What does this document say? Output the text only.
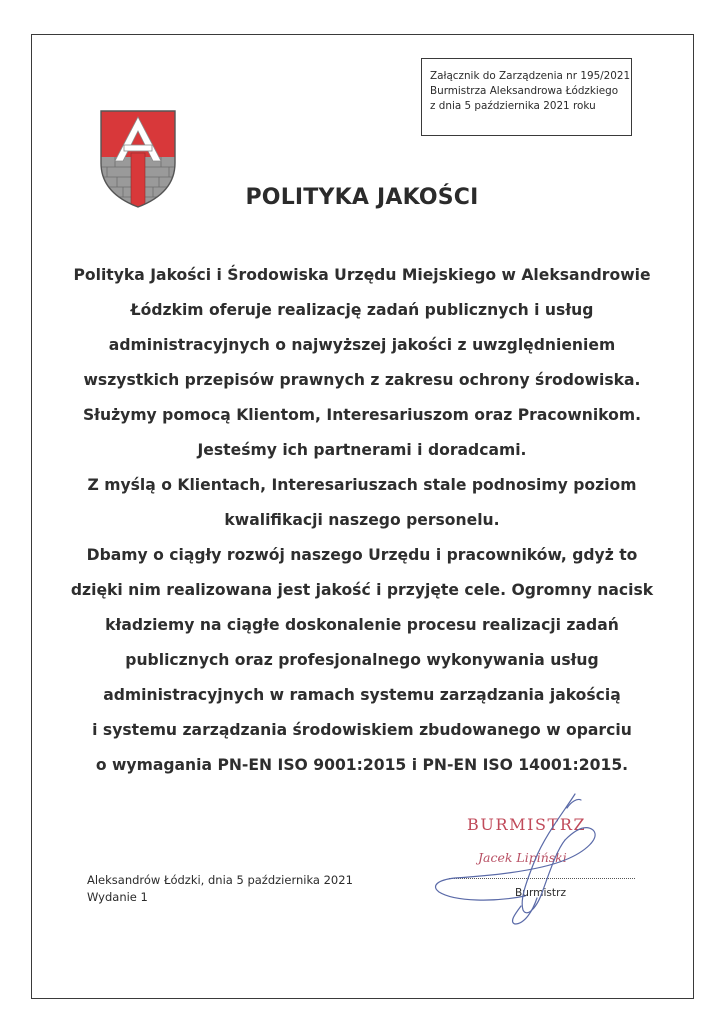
Załącznik do Zarządzenia nr 195/2021
Burmistrza Aleksandrowa Łódzkiego
z dnia 5 października 2021 roku
POLITYKA JAKOŚCI
Polityka Jakości i Środowiska Urzędu Miejskiego w Aleksandrowie
Łódzkim oferuje realizację zadań publicznych i usług
administracyjnych o najwyższej jakości z uwzględnieniem
wszystkich przepisów prawnych z zakresu ochrony środowiska.
Służymy pomocą Klientom, Interesariuszom oraz Pracownikom.
Jesteśmy ich partnerami i doradcami.
Z myślą o Klientach, Interesariuszach stale podnosimy poziom
kwalifikacji naszego personelu.
Dbamy o ciągły rozwój naszego Urzędu i pracowników, gdyż to
dzięki nim realizowana jest jakość i przyjęte cele. Ogromny nacisk
kładziemy na ciągłe doskonalenie procesu realizacji zadań
publicznych oraz profesjonalnego wykonywania usług
administracyjnych w ramach systemu zarządzania jakością
i systemu zarządzania środowiskiem zbudowanego w oparciu
o wymagania PN-EN ISO 9001:2015 i PN-EN ISO 14001:2015.
Aleksandrów Łódzki, dnia 5 października 2021
Wydanie 1
BURMISTRZ
Jacek Lipiński
Burmistrz
